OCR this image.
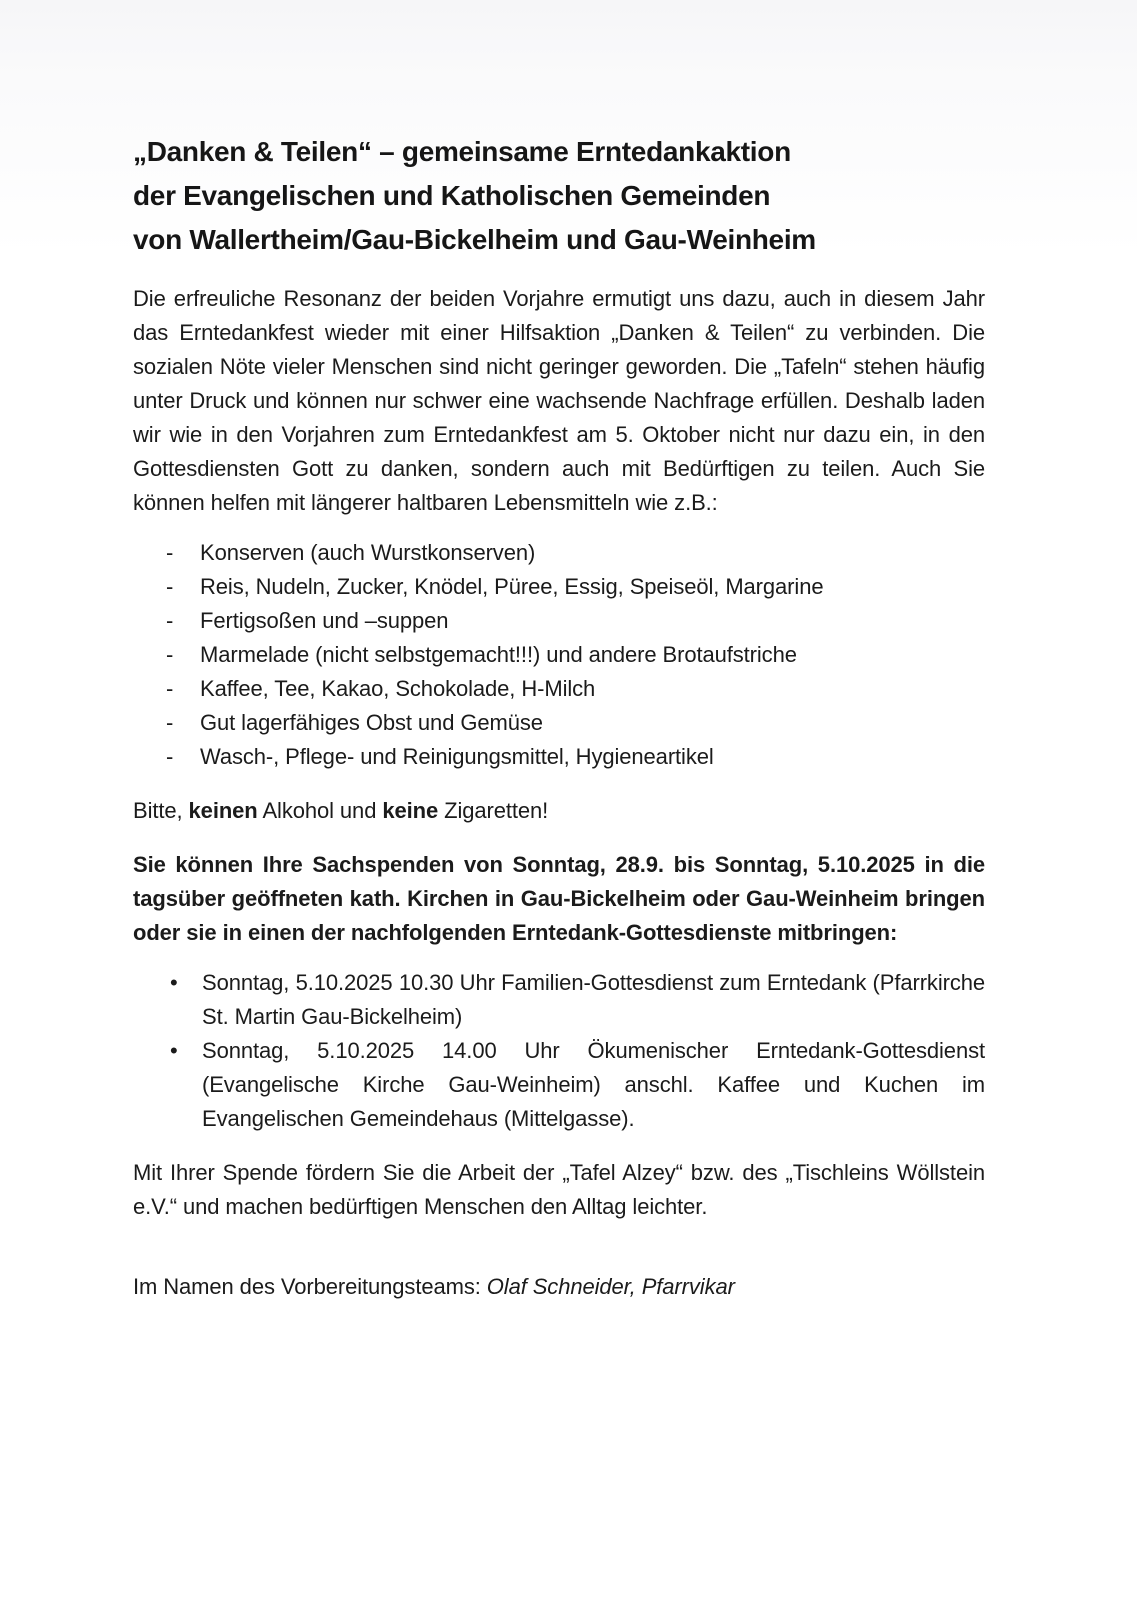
„Danken & Teilen“ – gemeinsame Erntedankaktion
der Evangelischen und Katholischen Gemeinden
von Wallertheim/Gau-Bickelheim und Gau-Weinheim

Die erfreuliche Resonanz der beiden Vorjahre ermutigt uns dazu, auch in diesem Jahr das Erntedankfest wieder mit einer Hilfsaktion „Danken & Teilen“ zu verbinden. Die sozialen Nöte vieler Menschen sind nicht geringer geworden. Die „Tafeln“ stehen häufig unter Druck und können nur schwer eine wachsende Nachfrage erfüllen. Deshalb laden wir wie in den Vorjahren zum Erntedankfest am 5. Oktober nicht nur dazu ein, in den Gottesdiensten Gott zu danken, sondern auch mit Bedürftigen zu teilen. Auch Sie können helfen mit längerer haltbaren Lebensmitteln wie z.B.:

-	Konserven (auch Wurstkonserven)
-	Reis, Nudeln, Zucker, Knödel, Püree, Essig, Speiseöl, Margarine
-	Fertigsoßen und –suppen
-	Marmelade (nicht selbstgemacht!!!) und andere Brotaufstriche
-	Kaffee, Tee, Kakao, Schokolade, H-Milch
-	Gut lagerfähiges Obst und Gemüse
-	Wasch-, Pflege- und Reinigungsmittel, Hygieneartikel

Bitte, keinen Alkohol und keine Zigaretten!

Sie können Ihre Sachspenden von Sonntag, 28.9. bis Sonntag, 5.10.2025 in die tagsüber geöffneten kath. Kirchen in Gau-Bickelheim oder Gau-Weinheim bringen oder sie in einen der nachfolgenden Erntedank-Gottesdienste mitbringen:

•	Sonntag, 5.10.2025 10.30 Uhr Familien-Gottesdienst zum Erntedank (Pfarrkirche St. Martin Gau-Bickelheim)
•	Sonntag, 5.10.2025 14.00 Uhr Ökumenischer Erntedank-Gottesdienst (Evangelische Kirche Gau-Weinheim) anschl. Kaffee und Kuchen im Evangelischen Gemeindehaus (Mittelgasse).

Mit Ihrer Spende fördern Sie die Arbeit der „Tafel Alzey“ bzw. des „Tischleins Wöllstein e.V.“ und machen bedürftigen Menschen den Alltag leichter.

Im Namen des Vorbereitungsteams: Olaf Schneider, Pfarrvikar
